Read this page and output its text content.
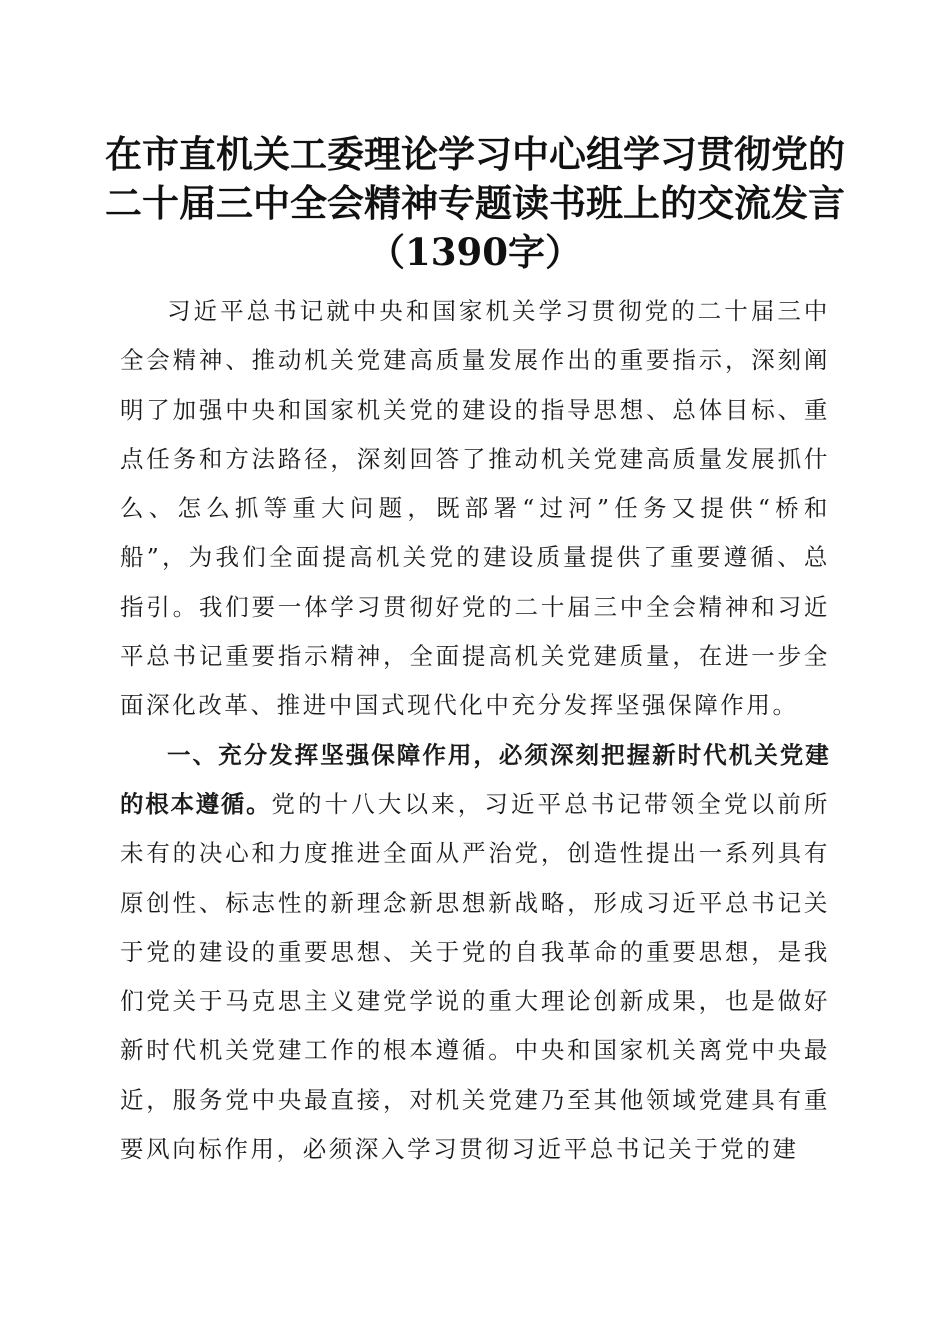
在市直机关工委理论学习中心组学习贯彻党的
二十届三中全会精神专题读书班上的交流发言
（1390字）

习近平总书记就中央和国家机关学习贯彻党的二十届三中全会精神、推动机关党建高质量发展作出的重要指示，深刻阐明了加强中央和国家机关党的建设的指导思想、总体目标、重点任务和方法路径，深刻回答了推动机关党建高质量发展抓什么、怎么抓等重大问题，既部署“过河”任务又提供“桥和船”，为我们全面提高机关党的建设质量提供了重要遵循、总指引。我们要一体学习贯彻好党的二十届三中全会精神和习近平总书记重要指示精神，全面提高机关党建质量，在进一步全面深化改革、推进中国式现代化中充分发挥坚强保障作用。

一、充分发挥坚强保障作用，必须深刻把握新时代机关党建的根本遵循。党的十八大以来，习近平总书记带领全党以前所未有的决心和力度推进全面从严治党，创造性提出一系列具有原创性、标志性的新理念新思想新战略，形成习近平总书记关于党的建设的重要思想、关于党的自我革命的重要思想，是我们党关于马克思主义建党学说的重大理论创新成果，也是做好新时代机关党建工作的根本遵循。中央和国家机关离党中央最近，服务党中央最直接，对机关党建乃至其他领域党建具有重要风向标作用，必须深入学习贯彻习近平总书记关于党的建
